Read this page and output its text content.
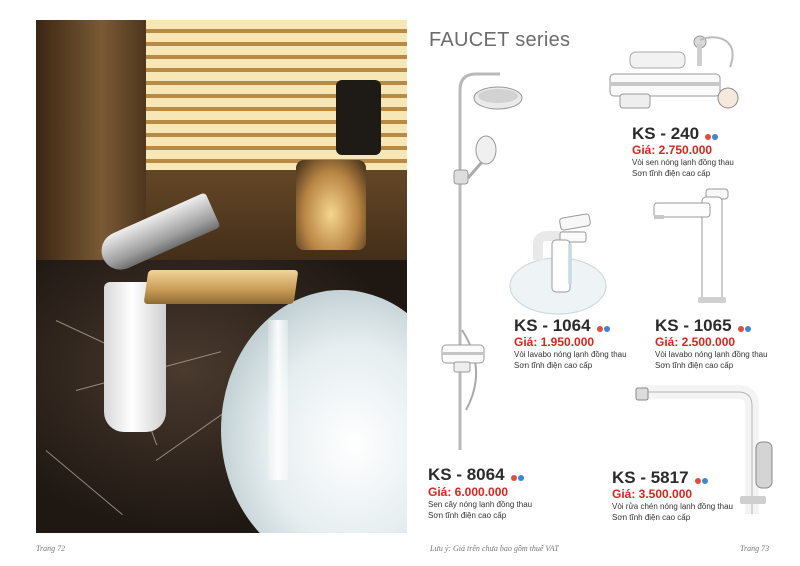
FAUCET series
KS - 240
Giá: 2.750.000
Vòi sen nóng lạnh đồng thau
Sơn tĩnh điện cao cấp
KS - 1064
Giá: 1.950.000
Vòi lavabo nóng lạnh đồng thau
Sơn tĩnh điện cao cấp
KS - 1065
Giá: 2.500.000
Vòi lavabo nóng lạnh đồng thau
Sơn tĩnh điện cao cấp
KS - 8064
Giá: 6.000.000
Sen cây nóng lạnh đồng thau
Sơn tĩnh điện cao cấp
KS - 5817
Giá: 3.500.000
Vòi rửa chén nóng lạnh đồng thau
Sơn tĩnh điện cao cấp
Trang 72	Lưu ý: Giá trên chưa bao gồm thuế VAT	Trang 73
